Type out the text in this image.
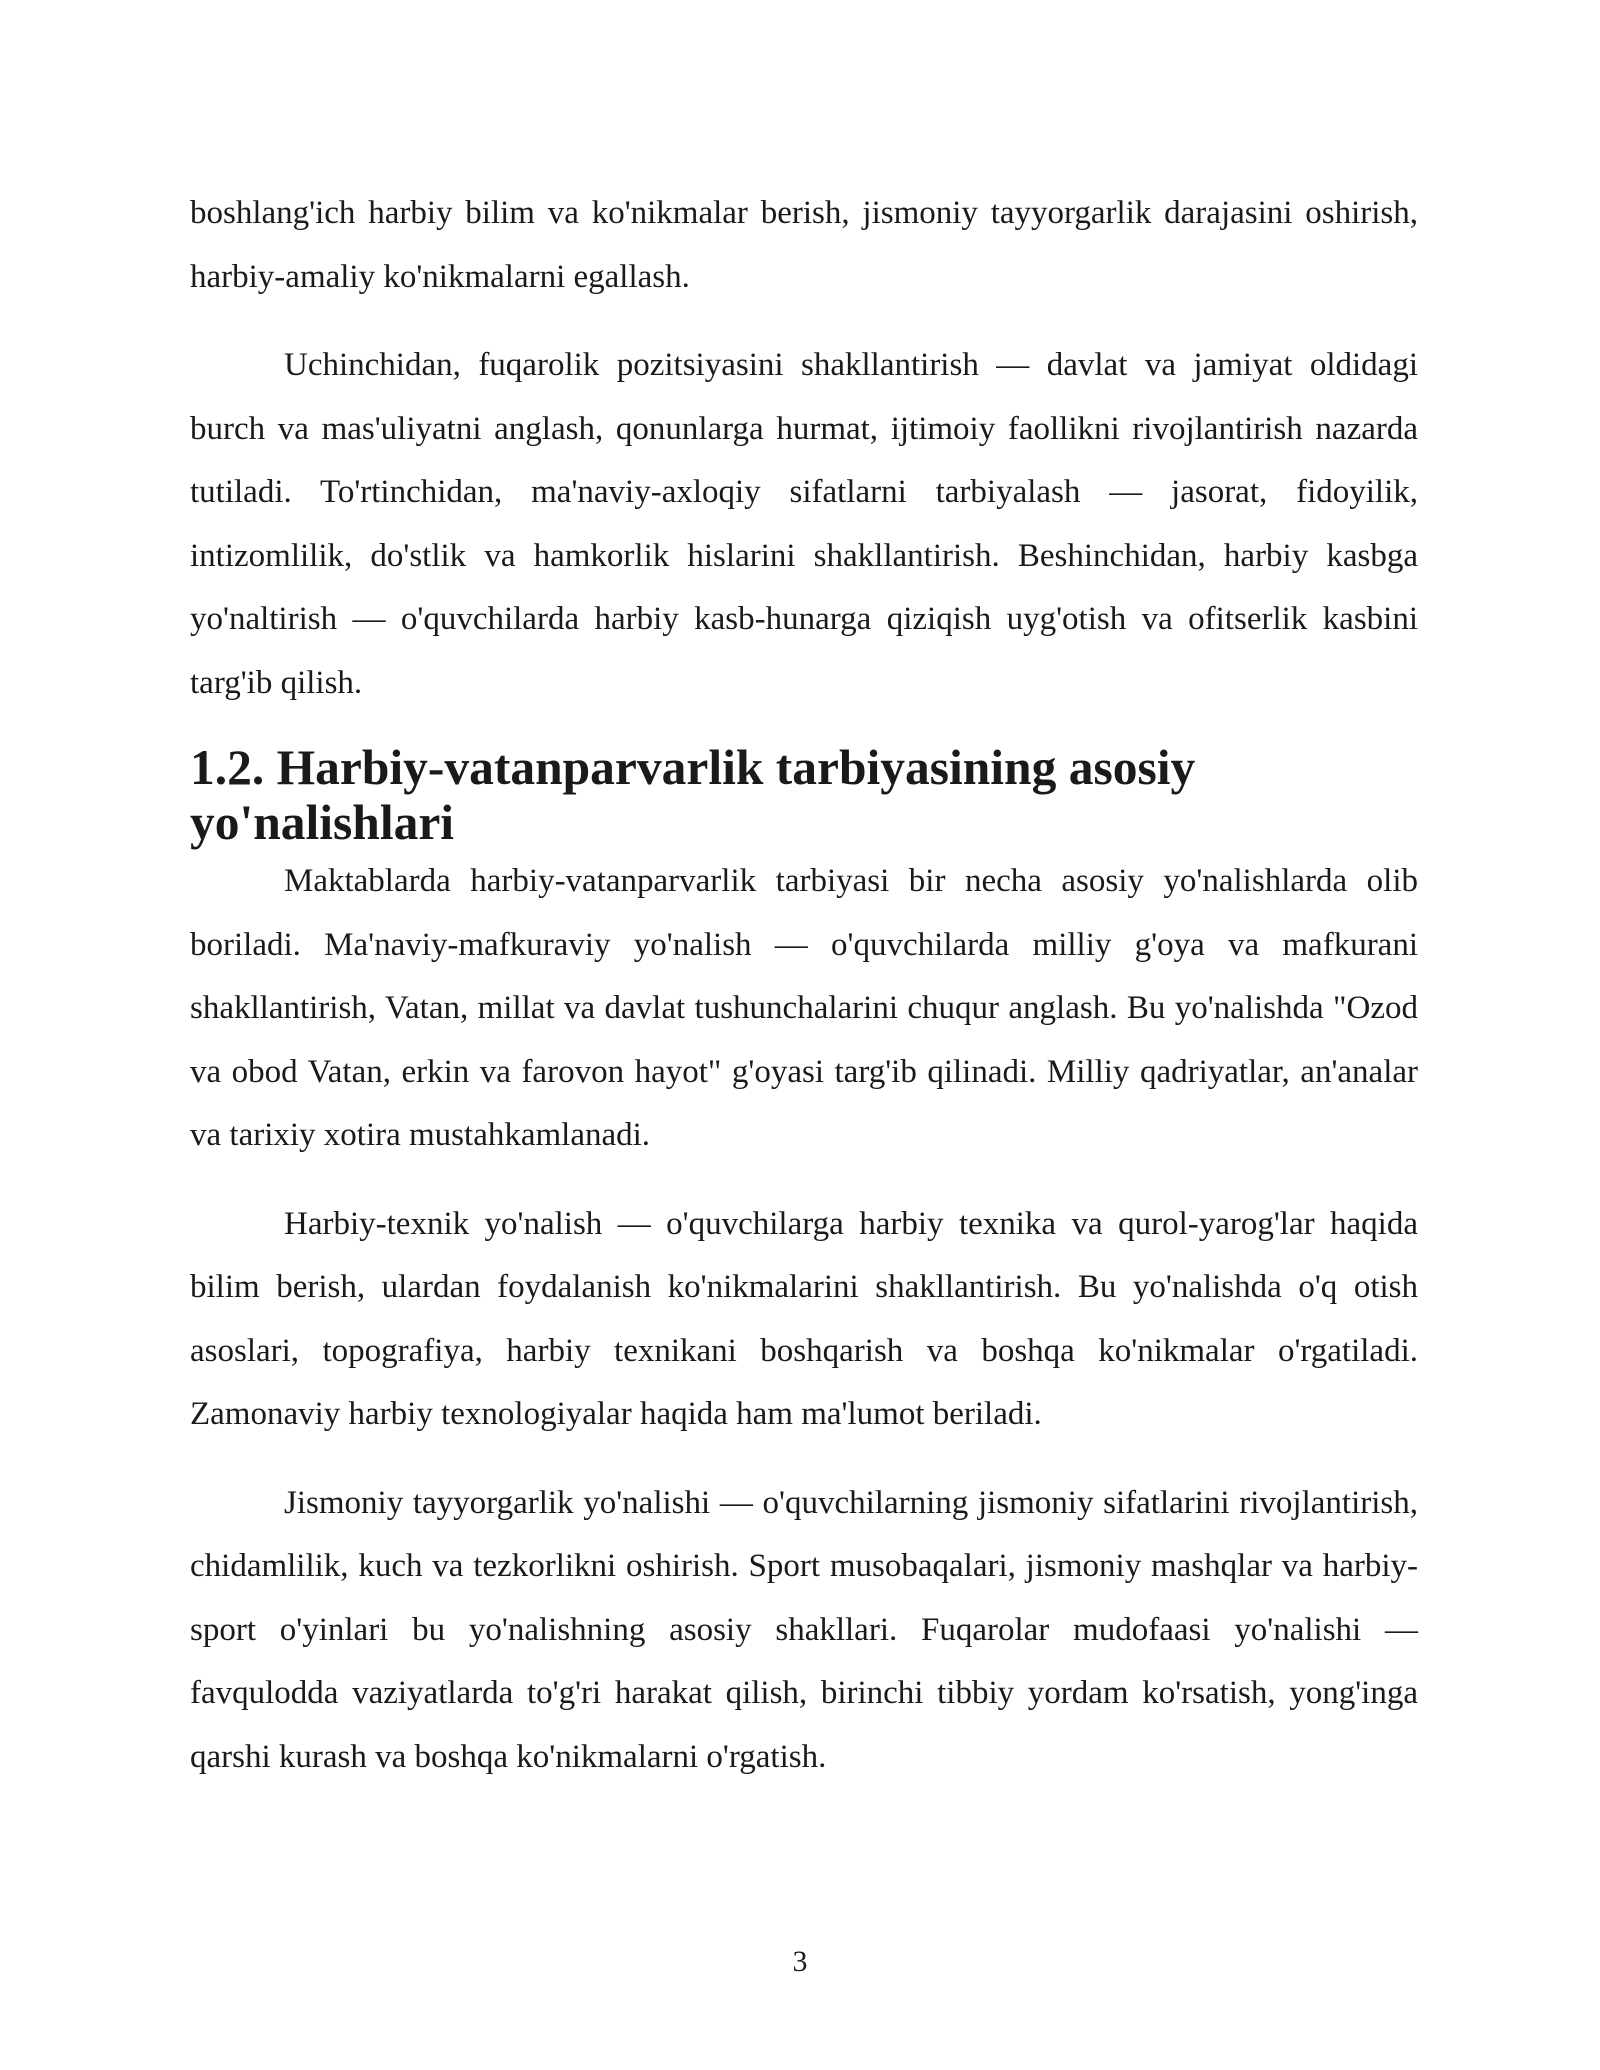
boshlang'ich harbiy bilim va ko'nikmalar berish, jismoniy tayyorgarlik darajasini oshirish, harbiy-amaliy ko'nikmalarni egallash.

Uchinchidan, fuqarolik pozitsiyasini shakllantirish — davlat va jamiyat oldidagi burch va mas'uliyatni anglash, qonunlarga hurmat, ijtimoiy faollikni rivojlantirish nazarda tutiladi. To'rtinchidan, ma'naviy-axloqiy sifatlarni tarbiyalash — jasorat, fidoyilik, intizomlilik, do'stlik va hamkorlik hislarini shakllantirish. Beshinchidan, harbiy kasbga yo'naltirish — o'quvchilarda harbiy kasb-hunarga qiziqish uyg'otish va ofitserlik kasbini targ'ib qilish.

1.2. Harbiy-vatanparvarlik tarbiyasining asosiy yo'nalishlari

Maktablarda harbiy-vatanparvarlik tarbiyasi bir necha asosiy yo'nalishlarda olib boriladi. Ma'naviy-mafkuraviy yo'nalish — o'quvchilarda milliy g'oya va mafkurani shakllantirish, Vatan, millat va davlat tushunchalarini chuqur anglash. Bu yo'nalishda "Ozod va obod Vatan, erkin va farovon hayot" g'oyasi targ'ib qilinadi. Milliy qadriyatlar, an'analar va tarixiy xotira mustahkamlanadi.

Harbiy-texnik yo'nalish — o'quvchilarga harbiy texnika va qurol-yarog'lar haqida bilim berish, ulardan foydalanish ko'nikmalarini shakllantirish. Bu yo'nalishda o'q otish asoslari, topografiya, harbiy texnikani boshqarish va boshqa ko'nikmalar o'rgatiladi. Zamonaviy harbiy texnologiyalar haqida ham ma'lumot beriladi.

Jismoniy tayyorgarlik yo'nalishi — o'quvchilarning jismoniy sifatlarini rivojlantirish, chidamlilik, kuch va tezkorlikni oshirish. Sport musobaqalari, jismoniy mashqlar va harbiy-sport o'yinlari bu yo'nalishning asosiy shakllari. Fuqarolar mudofaasi yo'nalishi — favqulodda vaziyatlarda to'g'ri harakat qilish, birinchi tibbiy yordam ko'rsatish, yong'inga qarshi kurash va boshqa ko'nikmalarni o'rgatish.

3
